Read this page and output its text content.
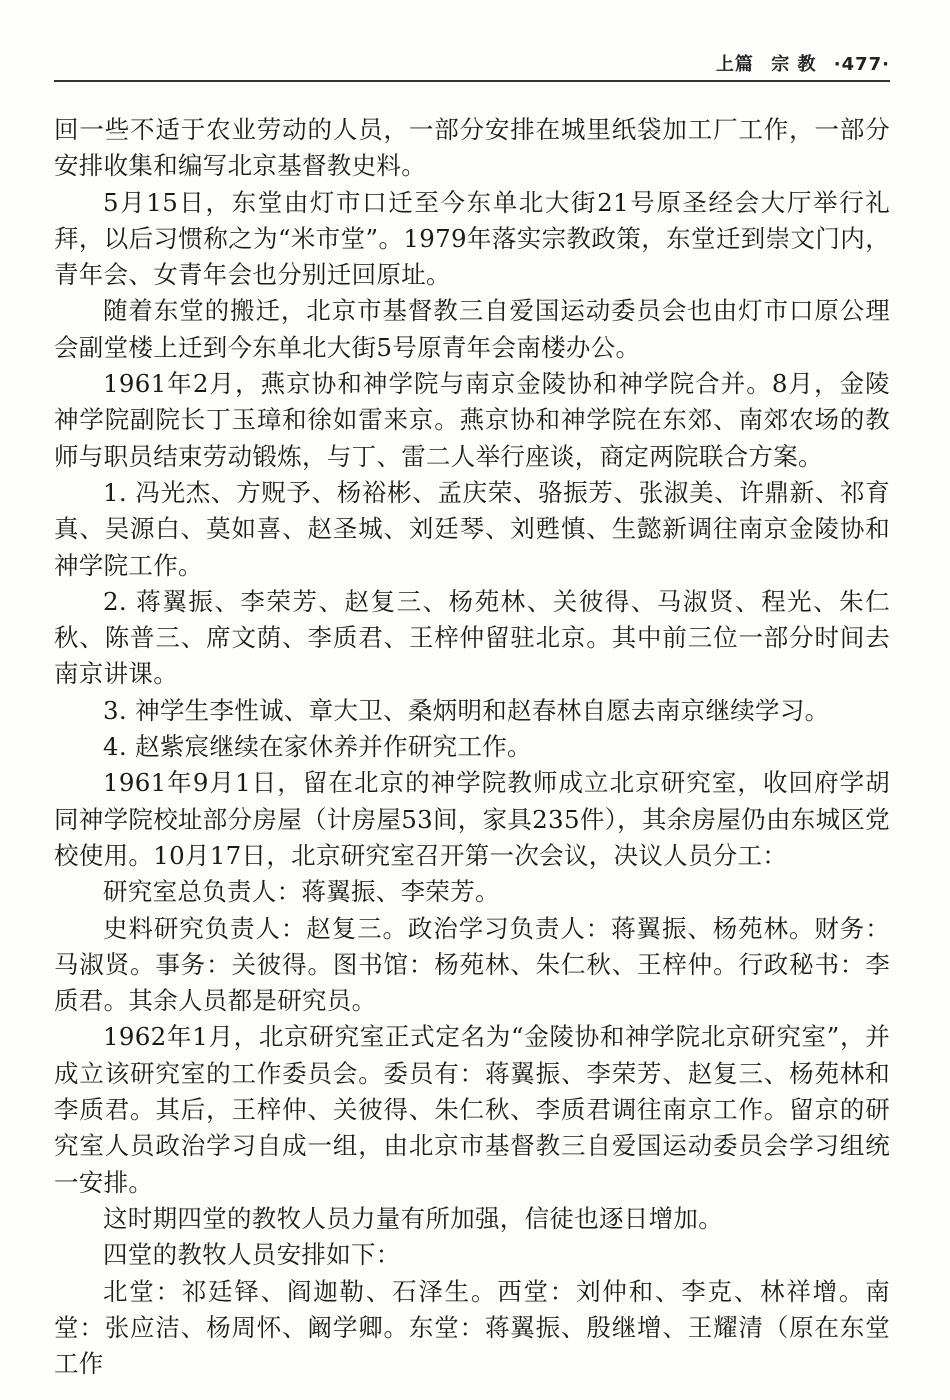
上篇 宗 教 ·477·

回一些不适于农业劳动的人员，一部分安排在城里纸袋加工厂工作，一部分安排收集和编写北京基督教史料。

5月15日，东堂由灯市口迁至今东单北大街21号原圣经会大厅举行礼拜，以后习惯称之为“米市堂”。1979年落实宗教政策，东堂迁到崇文门内，青年会、女青年会也分别迁回原址。

随着东堂的搬迁，北京市基督教三自爱国运动委员会也由灯市口原公理会副堂楼上迁到今东单北大街5号原青年会南楼办公。

1961年2月，燕京协和神学院与南京金陵协和神学院合并。8月，金陵神学院副院长丁玉璋和徐如雷来京。燕京协和神学院在东郊、南郊农场的教师与职员结束劳动锻炼，与丁、雷二人举行座谈，商定两院联合方案。

1. 冯光杰、方贶予、杨裕彬、孟庆荣、骆振芳、张淑美、许鼎新、祁育真、吴源白、莫如喜、赵圣城、刘廷琴、刘甦慎、生懿新调往南京金陵协和神学院工作。

2. 蒋翼振、李荣芳、赵复三、杨苑林、关彼得、马淑贤、程光、朱仁秋、陈普三、席文荫、李质君、王梓仲留驻北京。其中前三位一部分时间去南京讲课。

3. 神学生李性诚、章大卫、桑炳明和赵春林自愿去南京继续学习。

4. 赵紫宸继续在家休养并作研究工作。

1961年9月1日，留在北京的神学院教师成立北京研究室，收回府学胡同神学院校址部分房屋（计房屋53间，家具235件），其余房屋仍由东城区党校使用。10月17日，北京研究室召开第一次会议，决议人员分工：

研究室总负责人：蒋翼振、李荣芳。

史料研究负责人：赵复三。政治学习负责人：蒋翼振、杨苑林。财务：马淑贤。事务：关彼得。图书馆：杨苑林、朱仁秋、王梓仲。行政秘书：李质君。其余人员都是研究员。

1962年1月，北京研究室正式定名为“金陵协和神学院北京研究室”，并成立该研究室的工作委员会。委员有：蒋翼振、李荣芳、赵复三、杨苑林和李质君。其后，王梓仲、关彼得、朱仁秋、李质君调往南京工作。留京的研究室人员政治学习自成一组，由北京市基督教三自爱国运动委员会学习组统一安排。

这时期四堂的教牧人员力量有所加强，信徒也逐日增加。

四堂的教牧人员安排如下：

北堂：祁廷铎、阎迦勒、石泽生。西堂：刘仲和、李克、林祥增。南堂：张应洁、杨周怀、阚学卿。东堂：蒋翼振、殷继增、王耀清（原在东堂工作
